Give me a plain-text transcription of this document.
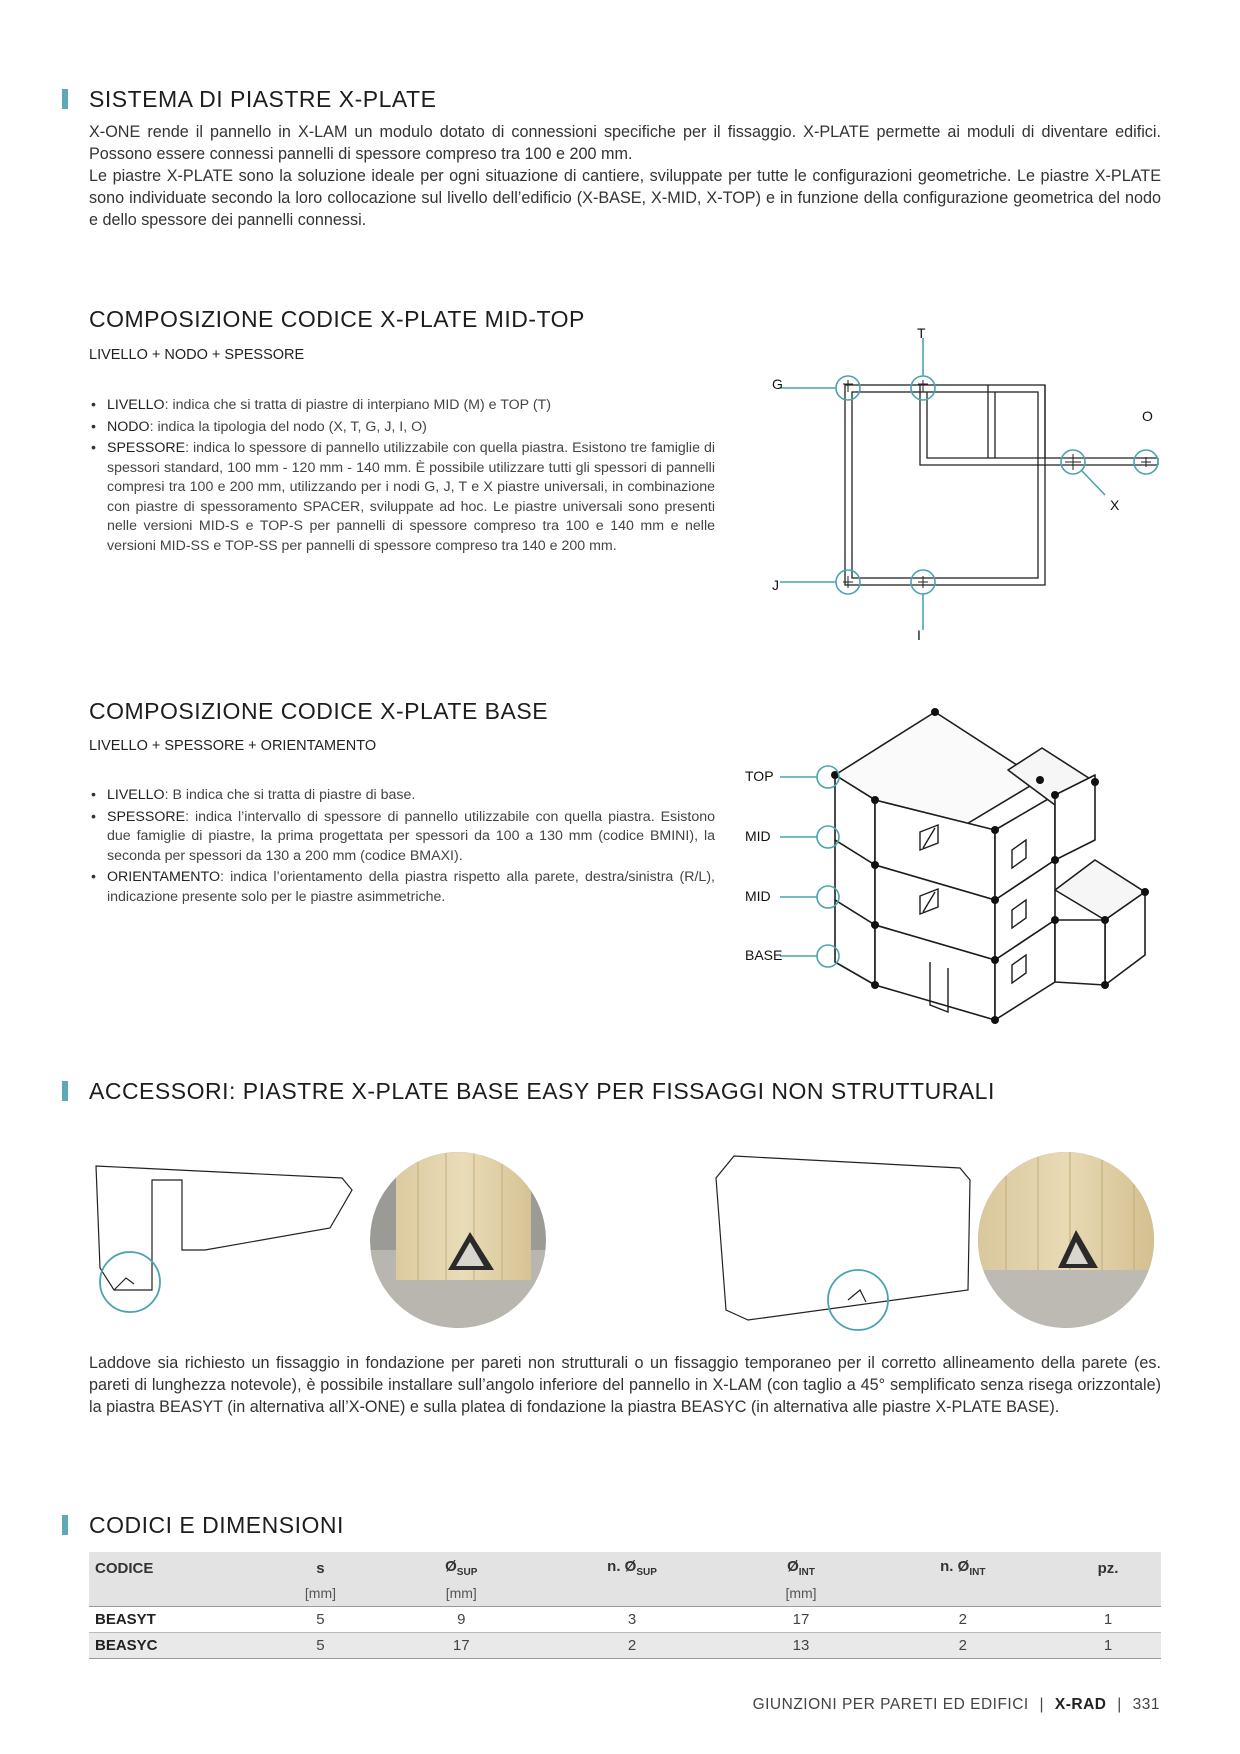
SISTEMA DI PIASTRE X-PLATE
X-ONE rende il pannello in X-LAM un modulo dotato di connessioni specifiche per il fissaggio. X-PLATE permette ai moduli di diventare edifici. Possono essere connessi pannelli di spessore compreso tra 100 e 200 mm.
Le piastre X-PLATE sono la soluzione ideale per ogni situazione di cantiere, sviluppate per tutte le configurazioni geometriche. Le piastre X-PLATE sono individuate secondo la loro collocazione sul livello dell’edificio (X-BASE, X-MID, X-TOP) e in funzione della configurazione geometrica del nodo e dello spessore dei pannelli connessi.
COMPOSIZIONE CODICE X-PLATE MID-TOP
LIVELLO + NODO + SPESSORE
• LIVELLO: indica che si tratta di piastre di interpiano MID (M) e TOP (T)
• NODO: indica la tipologia del nodo (X, T, G, J, I, O)
• SPESSORE: indica lo spessore di pannello utilizzabile con quella piastra. Esistono tre famiglie di spessori standard, 100 mm - 120 mm - 140 mm. È possibile utilizzare tutti gli spessori di pannelli compresi tra 100 e 200 mm, utilizzando per i nodi G, J, T e X piastre universali, in combinazione con piastre di spessoramento SPACER, sviluppate ad hoc. Le piastre universali sono presenti nelle versioni MID-S e TOP-S per pannelli di spessore compreso tra 100 e 140 mm e nelle versioni MID-SS e TOP-SS per pannelli di spessore compreso tra 140 e 200 mm.
T
G
O
X
J
I
COMPOSIZIONE CODICE X-PLATE BASE
LIVELLO + SPESSORE + ORIENTAMENTO
• LIVELLO: B indica che si tratta di piastre di base.
• SPESSORE: indica l’intervallo di spessore di pannello utilizzabile con quella piastra. Esistono due famiglie di piastre, la prima progettata per spessori da 100 a 130 mm (codice BMINI), la seconda per spessori da 130 a 200 mm (codice BMAXI).
• ORIENTAMENTO: indica l’orientamento della piastra rispetto alla parete, destra/sinistra (R/L), indicazione presente solo per le piastre asimmetriche.
TOP
MID
MID
BASE
ACCESSORI: PIASTRE X-PLATE BASE EASY PER FISSAGGI NON STRUTTURALI
Laddove sia richiesto un fissaggio in fondazione per pareti non strutturali o un fissaggio temporaneo per il corretto allineamento della parete (es. pareti di lunghezza notevole), è possibile installare sull’angolo inferiore del pannello in X-LAM (con taglio a 45° semplificato senza risega orizzontale) la piastra BEASYT (in alternativa all’X-ONE) e sulla platea di fondazione la piastra BEASYC (in alternativa alle piastre X-PLATE BASE).
CODICI E DIMENSIONI
CODICE	s	$Ø_{SUP}$	n. $Ø_{SUP}$	$Ø_{INT}$	n. $Ø_{INT}$	pz.
	[mm]	[mm]		[mm]		
BEASYT	5	9	3	17	2	1
BEASYC	5	17	2	13	2	1
GIUNZIONI PER PARETI ED EDIFICI | X-RAD | 331
